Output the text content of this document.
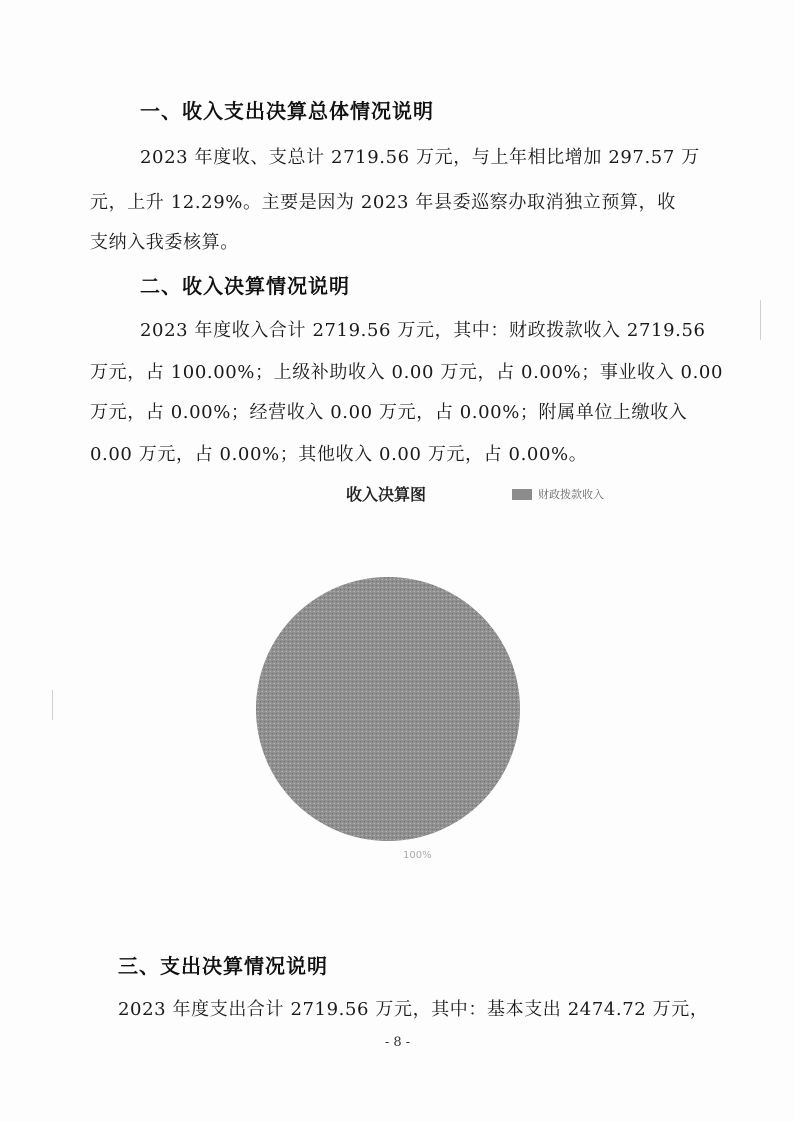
一、收入支出决算总体情况说明
2023 年度收、支总计 2719.56 万元，与上年相比增加 297.57 万
元，上升 12.29%。主要是因为 2023 年县委巡察办取消独立预算，收
支纳入我委核算。
二、收入决算情况说明
2023 年度收入合计 2719.56 万元，其中：财政拨款收入 2719.56
万元，占 100.00%；上级补助收入 0.00 万元，占 0.00%；事业收入 0.00
万元，占 0.00%；经营收入 0.00 万元，占 0.00%；附属单位上缴收入
0.00 万元，占 0.00%；其他收入 0.00 万元，占 0.00%。
收入决算图	财政拨款收入
100%
三、支出决算情况说明
2023 年度支出合计 2719.56 万元，其中：基本支出 2474.72 万元，
- 8 -
